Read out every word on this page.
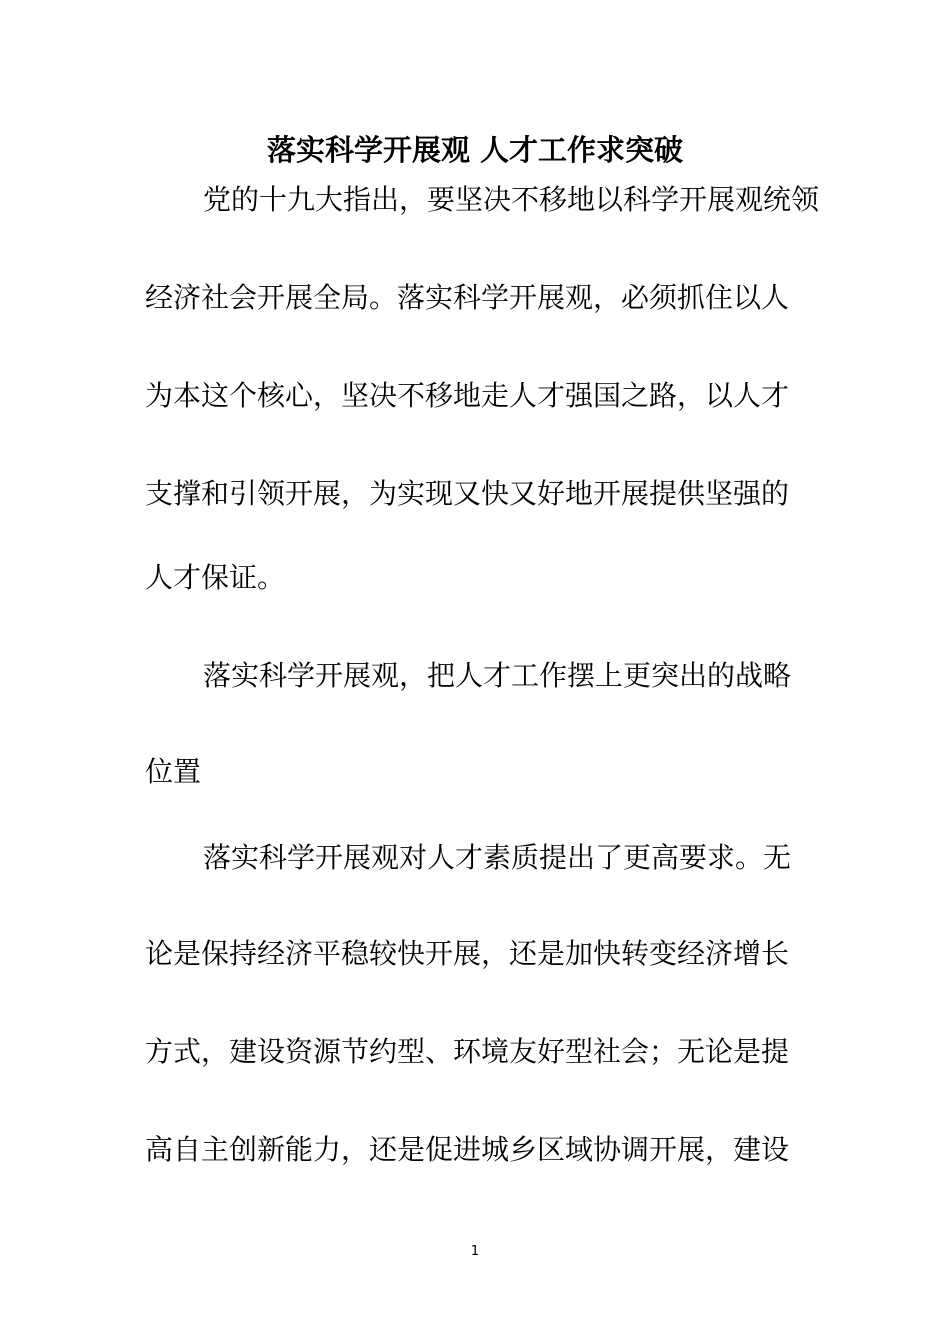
落实科学开展观 人才工作求突破
党的十九大指出，要坚决不移地以科学开展观统领
经济社会开展全局。落实科学开展观，必须抓住以人
为本这个核心，坚决不移地走人才强国之路，以人才
支撑和引领开展，为实现又快又好地开展提供坚强的
人才保证。
落实科学开展观，把人才工作摆上更突出的战略
位置
落实科学开展观对人才素质提出了更高要求。无
论是保持经济平稳较快开展，还是加快转变经济增长
方式，建设资源节约型、环境友好型社会；无论是提
高自主创新能力，还是促进城乡区域协调开展，建设
1
